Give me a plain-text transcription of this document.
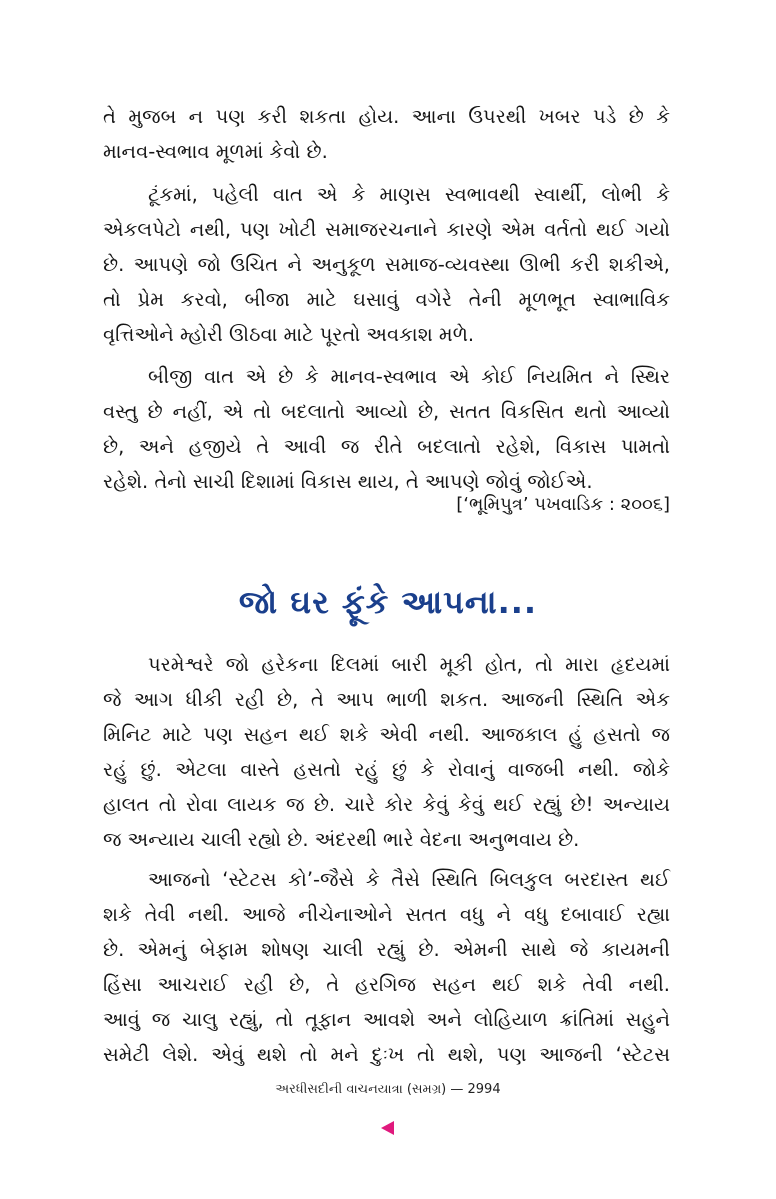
તે મુજબ ન પણ કરી શકતા હોય. આના ઉપરથી ખબર પડે છે કે
માનવ-સ્વભાવ મૂળમાં કેવો છે.
ટૂંકમાં, પહેલી વાત એ કે માણસ સ્વભાવથી સ્વાર્થી, લોભી કે
એકલપેટો નથી, પણ ખોટી સમાજરચનાને કારણે એમ વર્તતો થઈ ગયો
છે. આપણે જો ઉચિત ને અનુકૂળ સમાજ-વ્યવસ્થા ઊભી કરી શકીએ,
તો પ્રેમ કરવો, બીજા માટે ઘસાવું વગેરે તેની મૂળભૂત સ્વાભાવિક
વૃત્તિઓને મ્હોરી ઊઠવા માટે પૂરતો અવકાશ મળે.
બીજી વાત એ છે કે માનવ-સ્વભાવ એ કોઈ નિયમિત ને સ્થિર
વસ્તુ છે નહીં, એ તો બદલાતો આવ્યો છે, સતત વિકસિત થતો આવ્યો
છે, અને હજીયે તે આવી જ રીતે બદલાતો રહેશે, વિકાસ પામતો
રહેશે. તેનો સાચી દિશામાં વિકાસ થાય, તે આપણે જોવું જોઈએ.
[‘ભૂમિપુત્ર’ પખવાડિક : ૨૦૦૬]
જો ઘર ફૂંકે આપના...
પરમેશ્વરે જો હરેકના દિલમાં બારી મૂકી હોત, તો મારા હૃદયમાં
જે આગ ધીકી રહી છે, તે આપ ભાળી શકત. આજની સ્થિતિ એક
મિનિટ માટે પણ સહન થઈ શકે એવી નથી. આજકાલ હું હસતો જ
રહું છું. એટલા વાસ્તે હસતો રહું છું કે રોવાનું વાજબી નથી. જોકે
હાલત તો રોવા લાયક જ છે. ચારે કોર કેવું કેવું થઈ રહ્યું છે! અન્યાય
જ અન્યાય ચાલી રહ્યો છે. અંદરથી ભારે વેદના અનુભવાય છે.
આજનો ‘સ્ટેટસ કો’-જૈસે કે તૈસે સ્થિતિ બિલકુલ બરદાસ્ત થઈ
શકે તેવી નથી. આજે નીચેનાઓને સતત વધુ ને વધુ દબાવાઈ રહ્યા
છે. એમનું બેફામ શોષણ ચાલી રહ્યું છે. એમની સાથે જે કાયમની
હિંસા આચરાઈ રહી છે, તે હરગિજ સહન થઈ શકે તેવી નથી.
આવું જ ચાલુ રહ્યું, તો તૂફાન આવશે અને લોહિયાળ ક્રાંતિમાં સહુને
સમેટી લેશે. એવું થશે તો મને દુઃખ તો થશે, પણ આજની ‘સ્ટેટસ
અરધીસદીની વાચનયાત્રા (સમગ્ર) — 2994
